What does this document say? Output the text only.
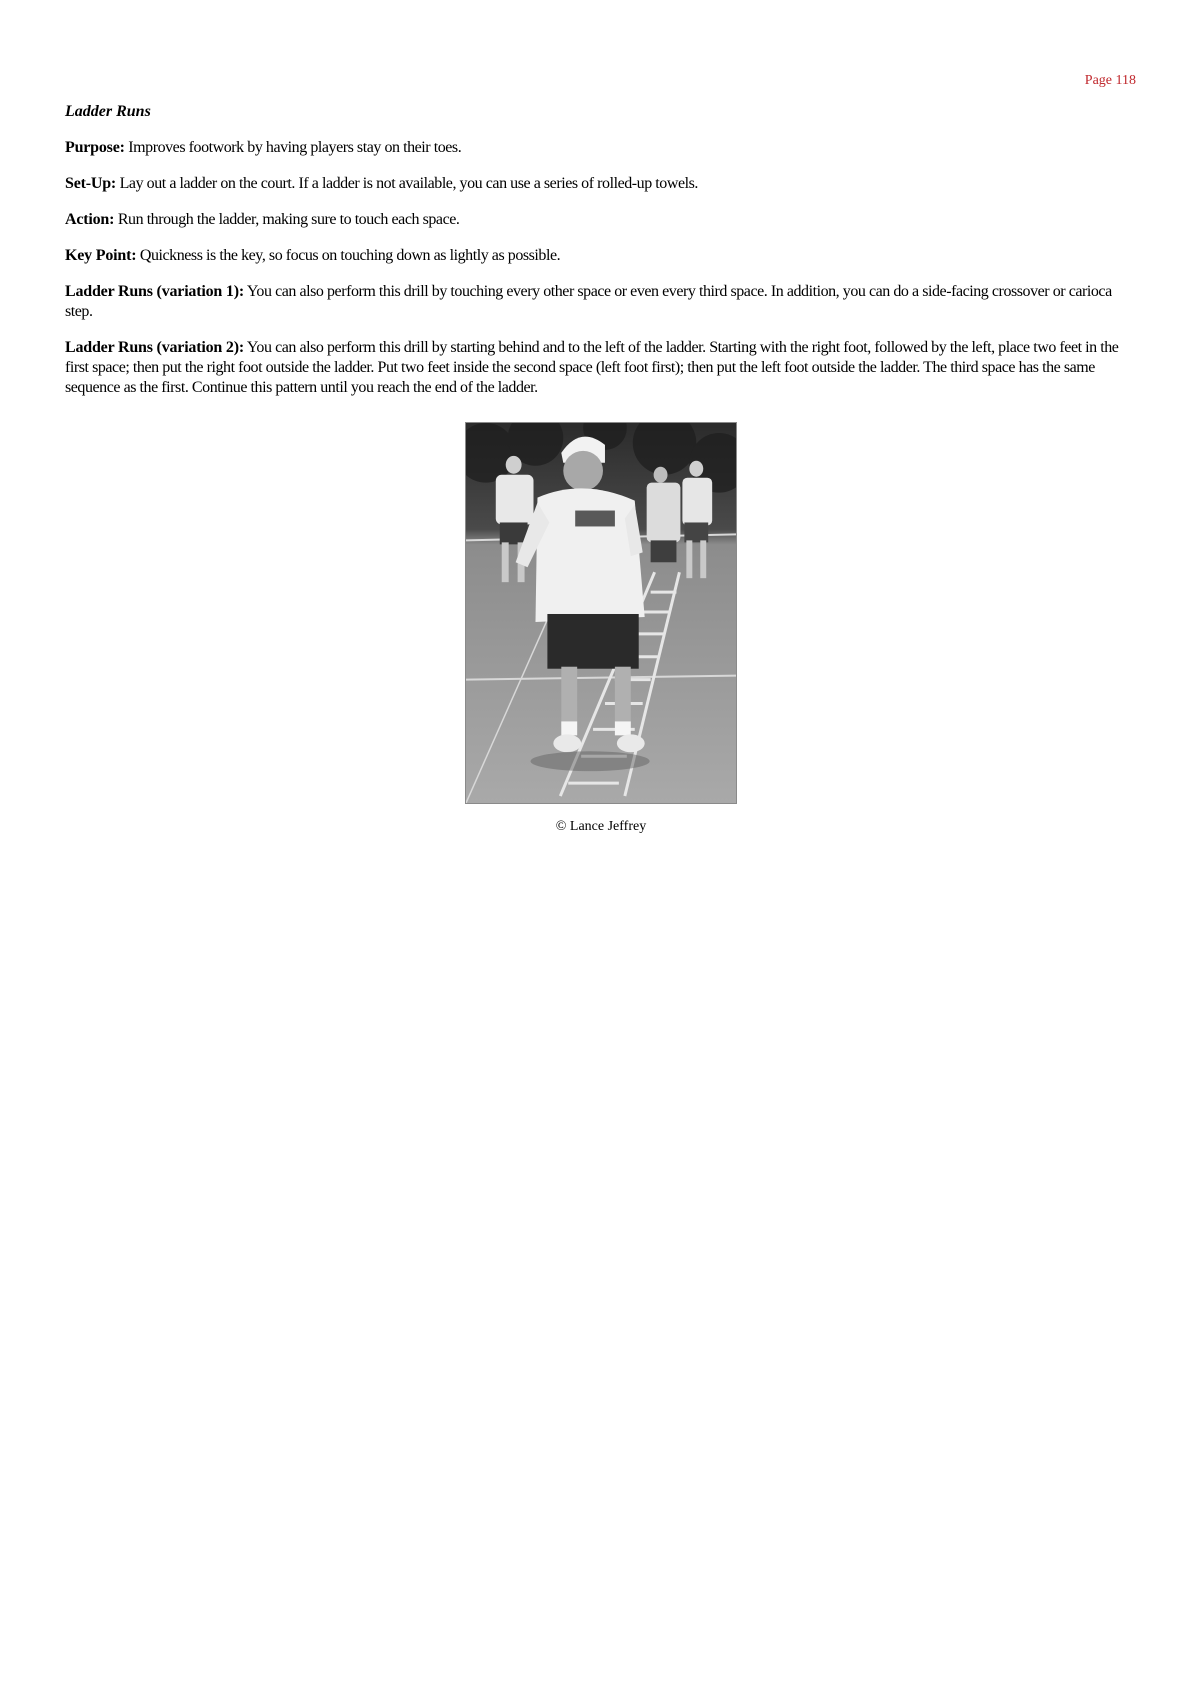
Page 118
Ladder Runs

Purpose: Improves footwork by having players stay on their toes.

Set-Up: Lay out a ladder on the court. If a ladder is not available, you can use a series of rolled-up towels.

Action: Run through the ladder, making sure to touch each space.

Key Point: Quickness is the key, so focus on touching down as lightly as possible.

Ladder Runs (variation 1): You can also perform this drill by touching every other space or even every third space. In addition, you can do a side-facing crossover or carioca step.

Ladder Runs (variation 2): You can also perform this drill by starting behind and to the left of the ladder. Starting with the right foot, followed by the left, place two feet in the first space; then put the right foot outside the ladder. Put two feet inside the second space (left foot first); then put the left foot outside the ladder. The third space has the same sequence as the first. Continue this pattern until you reach the end of the ladder.

© Lance Jeffrey
